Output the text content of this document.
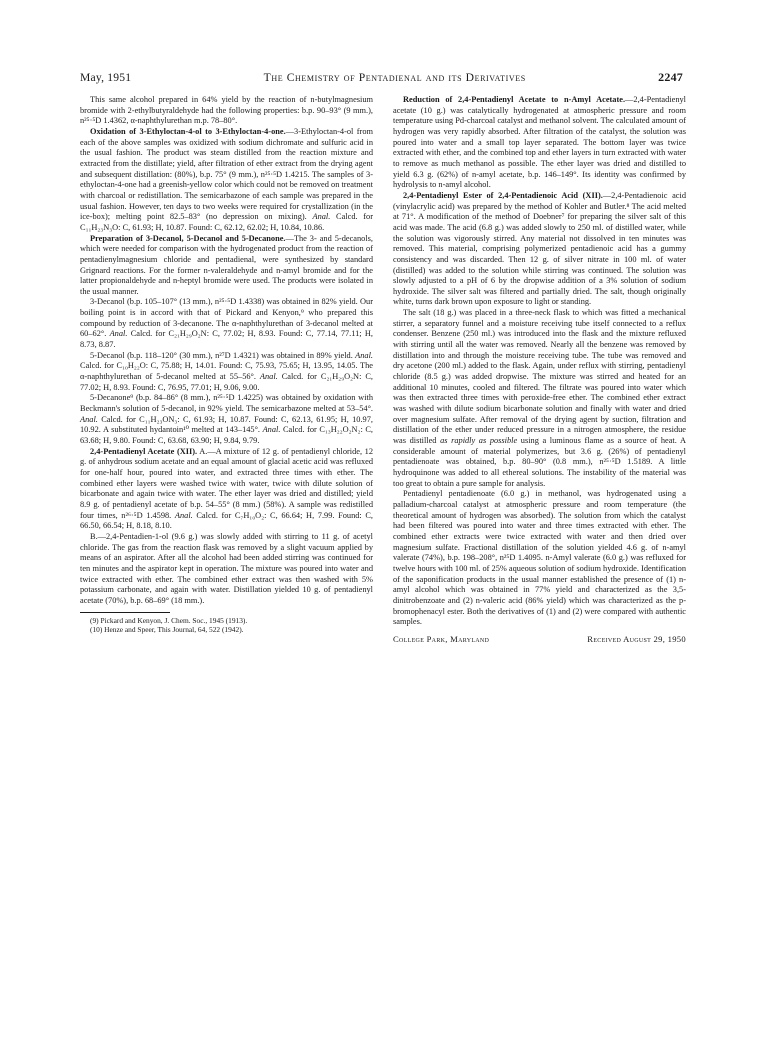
May, 1951	The Chemistry of Pentadienal and its Derivatives	2247

This same alcohol prepared in 64% yield by the reaction of n-butylmagnesium bromide with 2-ethylbutyraldehyde had the following properties: b.p. 90–93° (9 mm.), n²⁵·⁵D 1.4362, α-naphthylurethan m.p. 78–80°.

Oxidation of 3-Ethyloctan-4-ol to 3-Ethyloctan-4-one.—3-Ethyloctan-4-ol from each of the above samples was oxidized with sodium dichromate and sulfuric acid in the usual fashion. The product was steam distilled from the reaction mixture and extracted from the distillate; yield, after filtration of ether extract from the drying agent and subsequent distillation: (80%), b.p. 75° (9 mm.), n²⁵·⁵D 1.4215. The samples of 3-ethyloctan-4-one had a greenish-yellow color which could not be removed on treatment with charcoal or redistillation. The semicarbazone of each sample was prepared in the usual fashion. However, ten days to two weeks were required for crystallization (in the ice-box); melting point 82.5–83° (no depression on mixing). Anal. Calcd. for C₁₁H₂₃N₃O: C, 61.93; H, 10.87. Found: C, 62.12, 62.02; H, 10.84, 10.86.

Preparation of 3-Decanol, 5-Decanol and 5-Decanone.—The 3- and 5-decanols, which were needed for comparison with the hydrogenated product from the reaction of pentadienylmagnesium chloride and pentadienal, were synthesized by standard Grignard reactions. For the former n-valeraldehyde and n-amyl bromide and for the latter propionaldehyde and n-heptyl bromide were used. The products were isolated in the usual manner.

3-Decanol (b.p. 105–107° (13 mm.), n²⁵·⁵D 1.4338) was obtained in 82% yield. Our boiling point is in accord with that of Pickard and Kenyon,⁹ who prepared this compound by reduction of 3-decanone. The α-naphthylurethan of 3-decanol melted at 60–62°. Anal. Calcd. for C₂₁H₂₉O₂N: C, 77.02; H, 8.93. Found: C, 77.14, 77.11; H, 8.73, 8.87.

5-Decanol (b.p. 118–120° (30 mm.), n²⁷D 1.4321) was obtained in 89% yield. Anal. Calcd. for C₁₀H₂₂O: C, 75.88; H, 14.01. Found: C, 75.93, 75.65; H, 13.95, 14.05. The α-naphthylurethan of 5-decanol melted at 55–56°. Anal. Calcd. for C₂₁H₂₉O₂N: C, 77.02; H, 8.93. Found: C, 76.95, 77.01; H, 9.06, 9.00.

5-Decanone⁹ (b.p. 84–86° (8 mm.), n²⁵·⁵D 1.4225) was obtained by oxidation with Beckmann's solution of 5-decanol, in 92% yield. The semicarbazone melted at 53–54°. Anal. Calcd. for C₁₁H₂₃ON₃: C, 61.93; H, 10.87. Found: C, 62.13, 61.95; H, 10.97, 10.92. A substituted hydantoin¹⁰ melted at 143–145°. Anal. Calcd. for C₁₃H₂₂O₂N₂: C, 63.68; H, 9.80. Found: C, 63.68, 63.90; H, 9.84, 9.79.

2,4-Pentadienyl Acetate (XII). A.—A mixture of 12 g. of pentadienyl chloride, 12 g. of anhydrous sodium acetate and an equal amount of glacial acetic acid was refluxed for one-half hour, poured into water, and extracted three times with ether. The combined ether layers were washed twice with water, twice with dilute solution of bicarbonate and again twice with water. The ether layer was dried and distilled; yield 8.9 g. of pentadienyl acetate of b.p. 54–55° (8 mm.) (58%). A sample was redistilled four times, n²⁶·⁵D 1.4598. Anal. Calcd. for C₇H₁₀O₂: C, 66.64; H, 7.99. Found: C, 66.50, 66.54; H, 8.18, 8.10.

B.—2,4-Pentadien-1-ol (9.6 g.) was slowly added with stirring to 11 g. of acetyl chloride. The gas from the reaction flask was removed by a slight vacuum applied by means of an aspirator. After all the alcohol had been added stirring was continued for ten minutes and the aspirator kept in operation. The mixture was poured into water and twice extracted with ether. The combined ether extract was then washed with 5% potassium carbonate, and again with water. Distillation yielded 10 g. of pentadienyl acetate (70%), b.p. 68–69° (18 mm.).

(9) Pickard and Kenyon, J. Chem. Soc., 1945 (1913).
(10) Henze and Speer, This Journal, 64, 522 (1942).

Reduction of 2,4-Pentadienyl Acetate to n-Amyl Acetate.—2,4-Pentadienyl acetate (10 g.) was catalytically hydrogenated at atmospheric pressure and room temperature using Pd-charcoal catalyst and methanol solvent. The calculated amount of hydrogen was very rapidly absorbed. After filtration of the catalyst, the solution was poured into water and a small top layer separated. The bottom layer was twice extracted with ether, and the combined top and ether layers in turn extracted with water to remove as much methanol as possible. The ether layer was dried and distilled to yield 6.3 g. (62%) of n-amyl acetate, b.p. 146–149°. Its identity was confirmed by hydrolysis to n-amyl alcohol.

2,4-Pentadienyl Ester of 2,4-Pentadienoic Acid (XII).—2,4-Pentadienoic acid (vinylacrylic acid) was prepared by the method of Kohler and Butler.⁸ The acid melted at 71°. A modification of the method of Doebner⁷ for preparing the silver salt of this acid was made. The acid (6.8 g.) was added slowly to 250 ml. of distilled water, while the solution was vigorously stirred. Any material not dissolved in ten minutes was removed. This material, comprising polymerized pentadienoic acid has a gummy consistency and was discarded. Then 12 g. of silver nitrate in 100 ml. of water (distilled) was added to the solution while stirring was continued. The solution was slowly adjusted to a pH of 6 by the dropwise addition of a 3% solution of sodium hydroxide. The silver salt was filtered and partially dried. The salt, though originally white, turns dark brown upon exposure to light or standing.

The salt (18 g.) was placed in a three-neck flask to which was fitted a mechanical stirrer, a separatory funnel and a moisture receiving tube itself connected to a reflux condenser. Benzene (250 ml.) was introduced into the flask and the mixture refluxed with stirring until all the water was removed. Nearly all the benzene was removed by distillation into and through the moisture receiving tube. The tube was removed and dry acetone (200 ml.) added to the flask. Again, under reflux with stirring, pentadienyl chloride (8.5 g.) was added dropwise. The mixture was stirred and heated for an additional 10 minutes, cooled and filtered. The filtrate was poured into water which was then extracted three times with peroxide-free ether. The combined ether extract was washed with dilute sodium bicarbonate solution and finally with water and dried over magnesium sulfate. After removal of the drying agent by suction, filtration and distillation of the ether under reduced pressure in a nitrogen atmosphere, the residue was distilled as rapidly as possible using a luminous flame as a source of heat. A considerable amount of material polymerizes, but 3.6 g. (26%) of pentadienyl pentadienoate was obtained, b.p. 80–90° (0.8 mm.), n²⁵·⁵D 1.5189. A little hydroquinone was added to all ethereal solutions. The instability of the material was too great to obtain a pure sample for analysis.

Pentadienyl pentadienoate (6.0 g.) in methanol, was hydrogenated using a palladium-charcoal catalyst at atmospheric pressure and room temperature (the theoretical amount of hydrogen was absorbed). The solution from which the catalyst had been filtered was poured into water and three times extracted with ether. The combined ether extracts were twice extracted with water and then dried over magnesium sulfate. Fractional distillation of the solution yielded 4.6 g. of n-amyl valerate (74%), b.p. 198–208°, n²⁵D 1.4095. n-Amyl valerate (6.0 g.) was refluxed for twelve hours with 100 ml. of 25% aqueous solution of sodium hydroxide. Identification of the saponification products in the usual manner established the presence of (1) n-amyl alcohol which was obtained in 77% yield and characterized as the 3,5-dinitrobenzoate and (2) n-valeric acid (86% yield) which was characterized as the p-bromophenacyl ester. Both the derivatives of (1) and (2) were compared with authentic samples.

College Park, Maryland	Received August 29, 1950
